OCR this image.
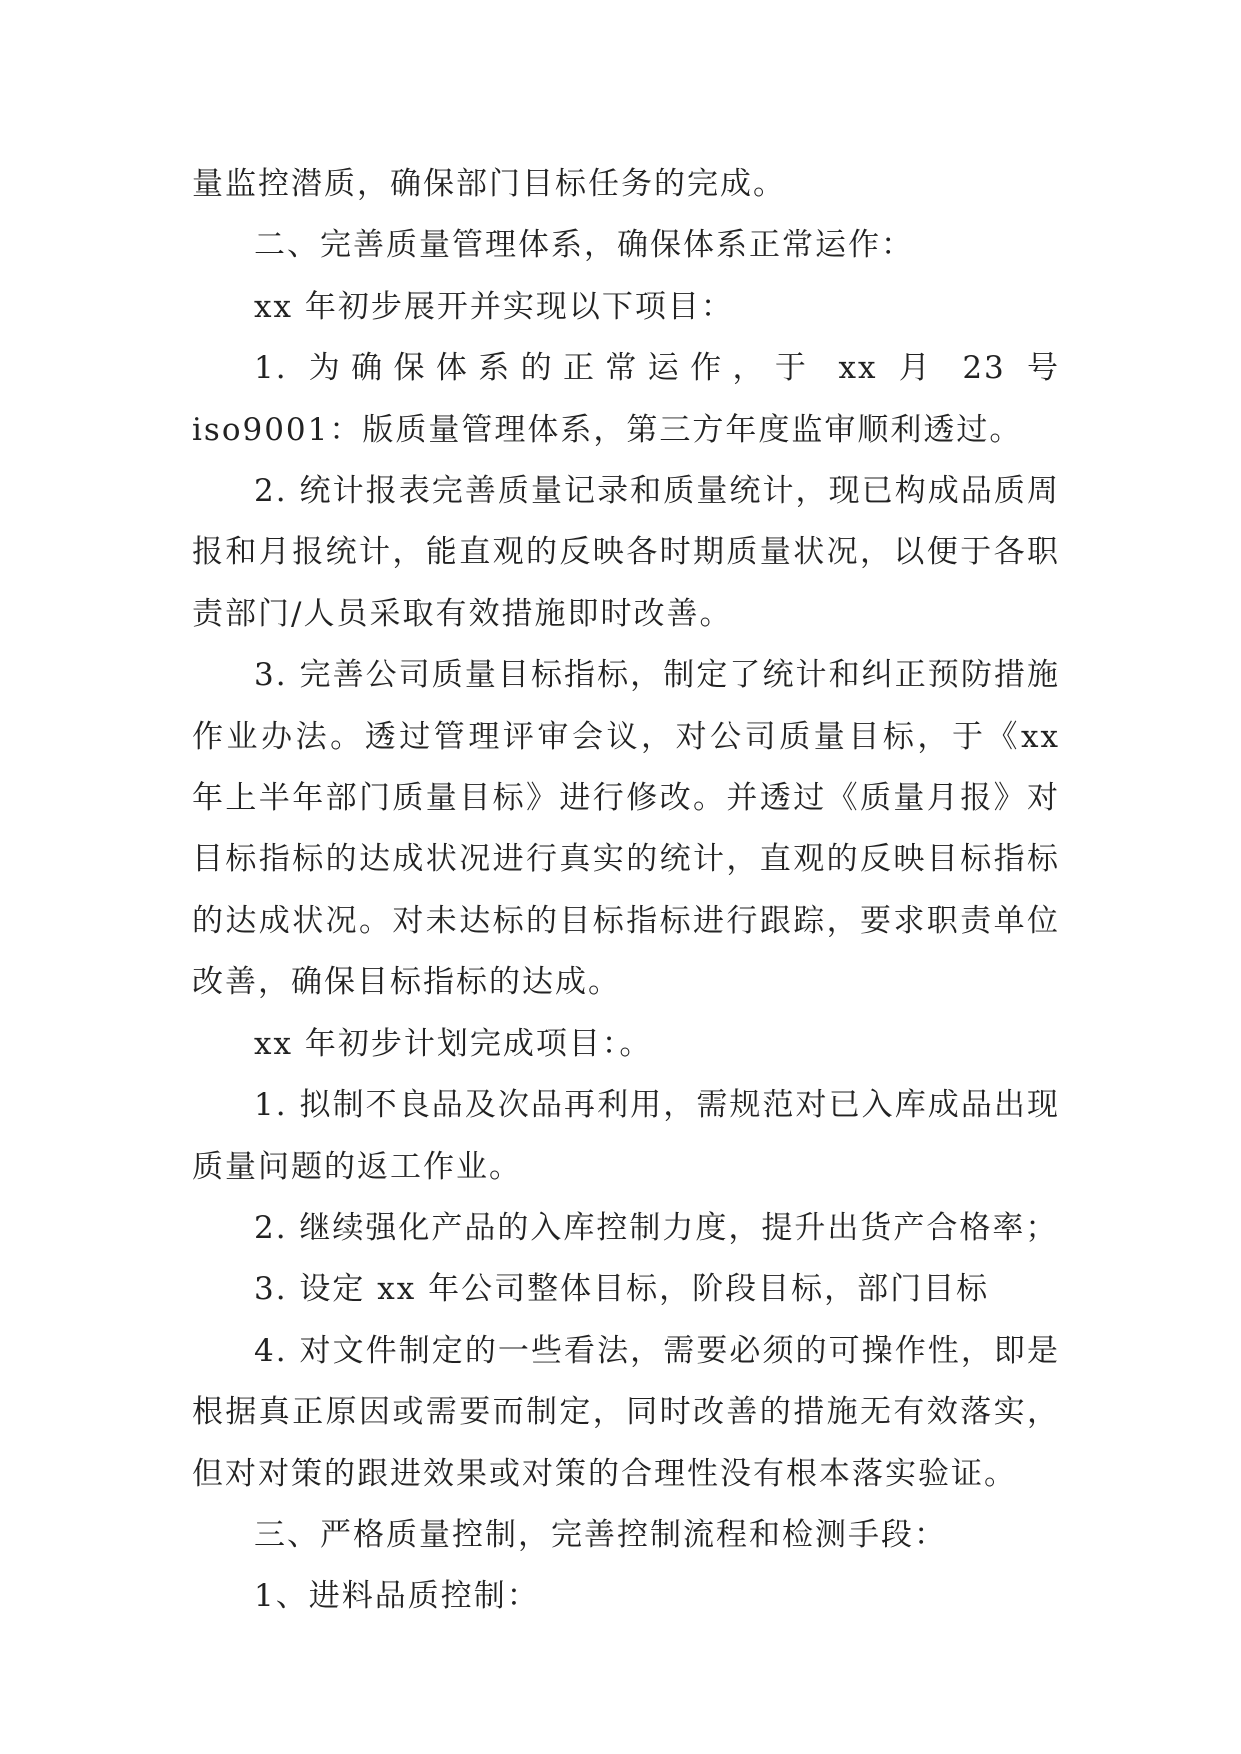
量监控潜质，确保部门目标任务的完成。

二、完善质量管理体系，确保体系正常运作：

xx 年初步展开并实现以下项目：

1. 为确保体系的正常运作，于 xx 月 23 号 iso9001：版质量管理体系，第三方年度监审顺利透过。

2. 统计报表完善质量记录和质量统计，现已构成品质周报和月报统计，能直观的反映各时期质量状况，以便于各职责部门/人员采取有效措施即时改善。

3. 完善公司质量目标指标，制定了统计和纠正预防措施作业办法。透过管理评审会议，对公司质量目标，于《xx 年上半年部门质量目标》进行修改。并透过《质量月报》对目标指标的达成状况进行真实的统计，直观的反映目标指标的达成状况。对未达标的目标指标进行跟踪，要求职责单位改善，确保目标指标的达成。

xx 年初步计划完成项目：。

1. 拟制不良品及次品再利用，需规范对已入库成品出现质量问题的返工作业。

2. 继续强化产品的入库控制力度，提升出货产合格率；

3. 设定 xx 年公司整体目标，阶段目标，部门目标

4. 对文件制定的一些看法，需要必须的可操作性，即是根据真正原因或需要而制定，同时改善的措施无有效落实，但对对策的跟进效果或对策的合理性没有根本落实验证。

三、严格质量控制，完善控制流程和检测手段：

1、进料品质控制：
